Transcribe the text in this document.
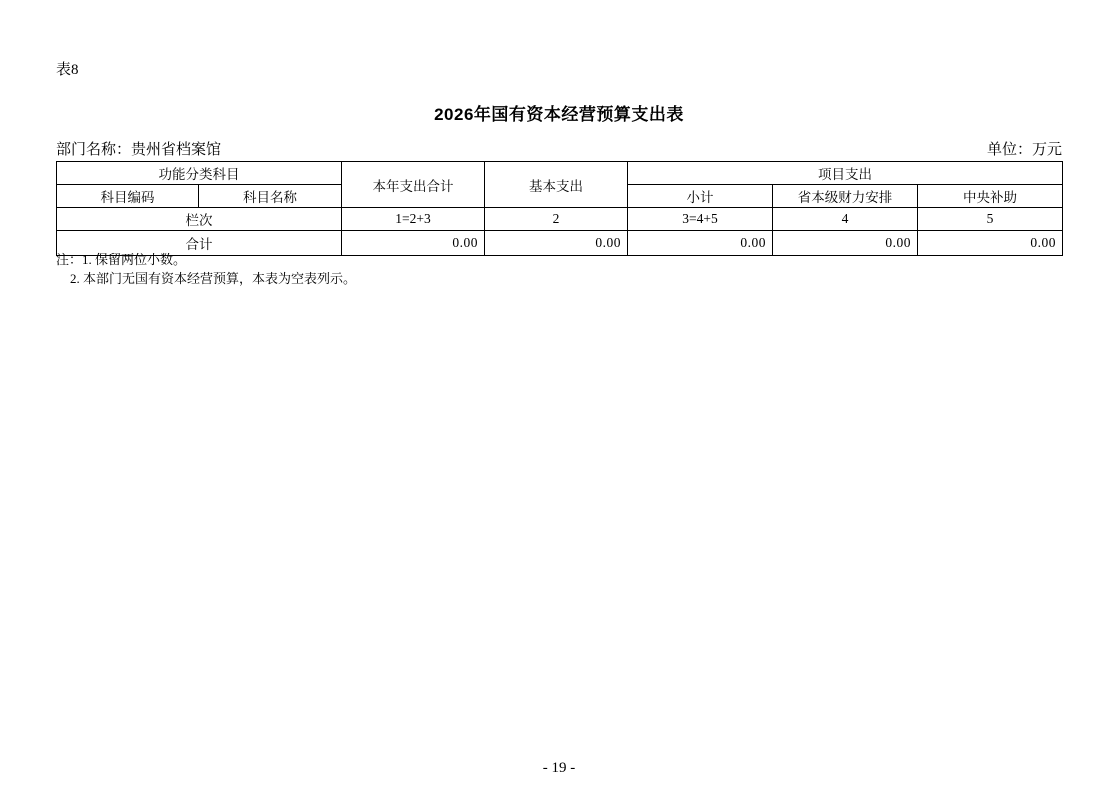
表8
2026年国有资本经营预算支出表
部门名称：贵州省档案馆	单位：万元
功能分类科目		本年支出合计	基本支出	项目支出		
科目编码	科目名称			小计	省本级财力安排	中央补助
栏次		1=2+3	2	3=4+5	4	5
合计		0.00	0.00	0.00	0.00	0.00
注：1. 保留两位小数。
2. 本部门无国有资本经营预算，本表为空表列示。
- 19 -
